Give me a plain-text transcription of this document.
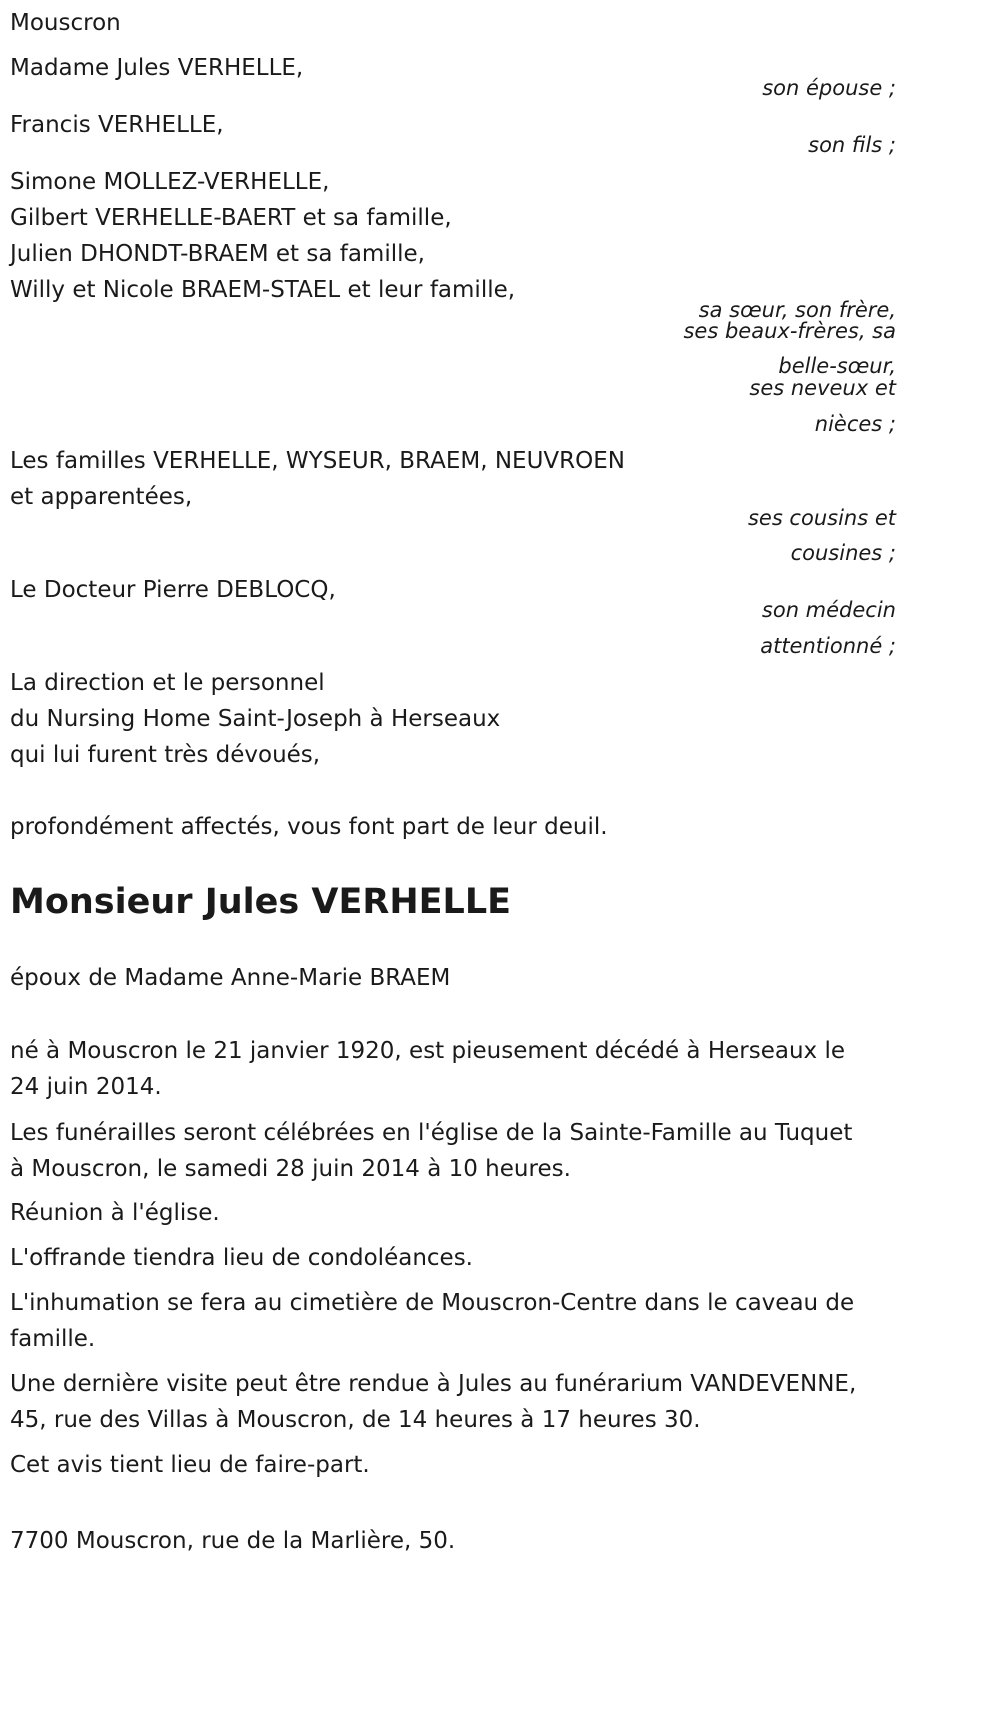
Mouscron

Madame Jules VERHELLE,

son épouse ;

Francis VERHELLE,

son fils ;

Simone MOLLEZ-VERHELLE,

Gilbert VERHELLE-BAERT et sa famille,

Julien DHONDT-BRAEM et sa famille,

Willy et Nicole BRAEM-STAEL et leur famille,

sa sœur, son frère,

ses beaux-frères, sa

belle-sœur,

ses neveux et

nièces ;

Les familles VERHELLE, WYSEUR, BRAEM, NEUVROEN

et apparentées,

ses cousins et

cousines ;

Le Docteur Pierre DEBLOCQ,

son médecin

attentionné ;

La direction et le personnel

du Nursing Home Saint-Joseph à Herseaux

qui lui furent très dévoués,

profondément affectés, vous font part de leur deuil.

Monsieur Jules VERHELLE

époux de Madame Anne-Marie BRAEM

né à Mouscron le 21 janvier 1920, est pieusement décédé à Herseaux le

24 juin 2014.

Les funérailles seront célébrées en l'église de la Sainte-Famille au Tuquet

à Mouscron, le samedi 28 juin 2014 à 10 heures.

Réunion à l'église.

L'offrande tiendra lieu de condoléances.

L'inhumation se fera au cimetière de Mouscron-Centre dans le caveau de

famille.

Une dernière visite peut être rendue à Jules au funérarium VANDEVENNE,

45, rue des Villas à Mouscron, de 14 heures à 17 heures 30.

Cet avis tient lieu de faire-part.

7700 Mouscron, rue de la Marlière, 50.
